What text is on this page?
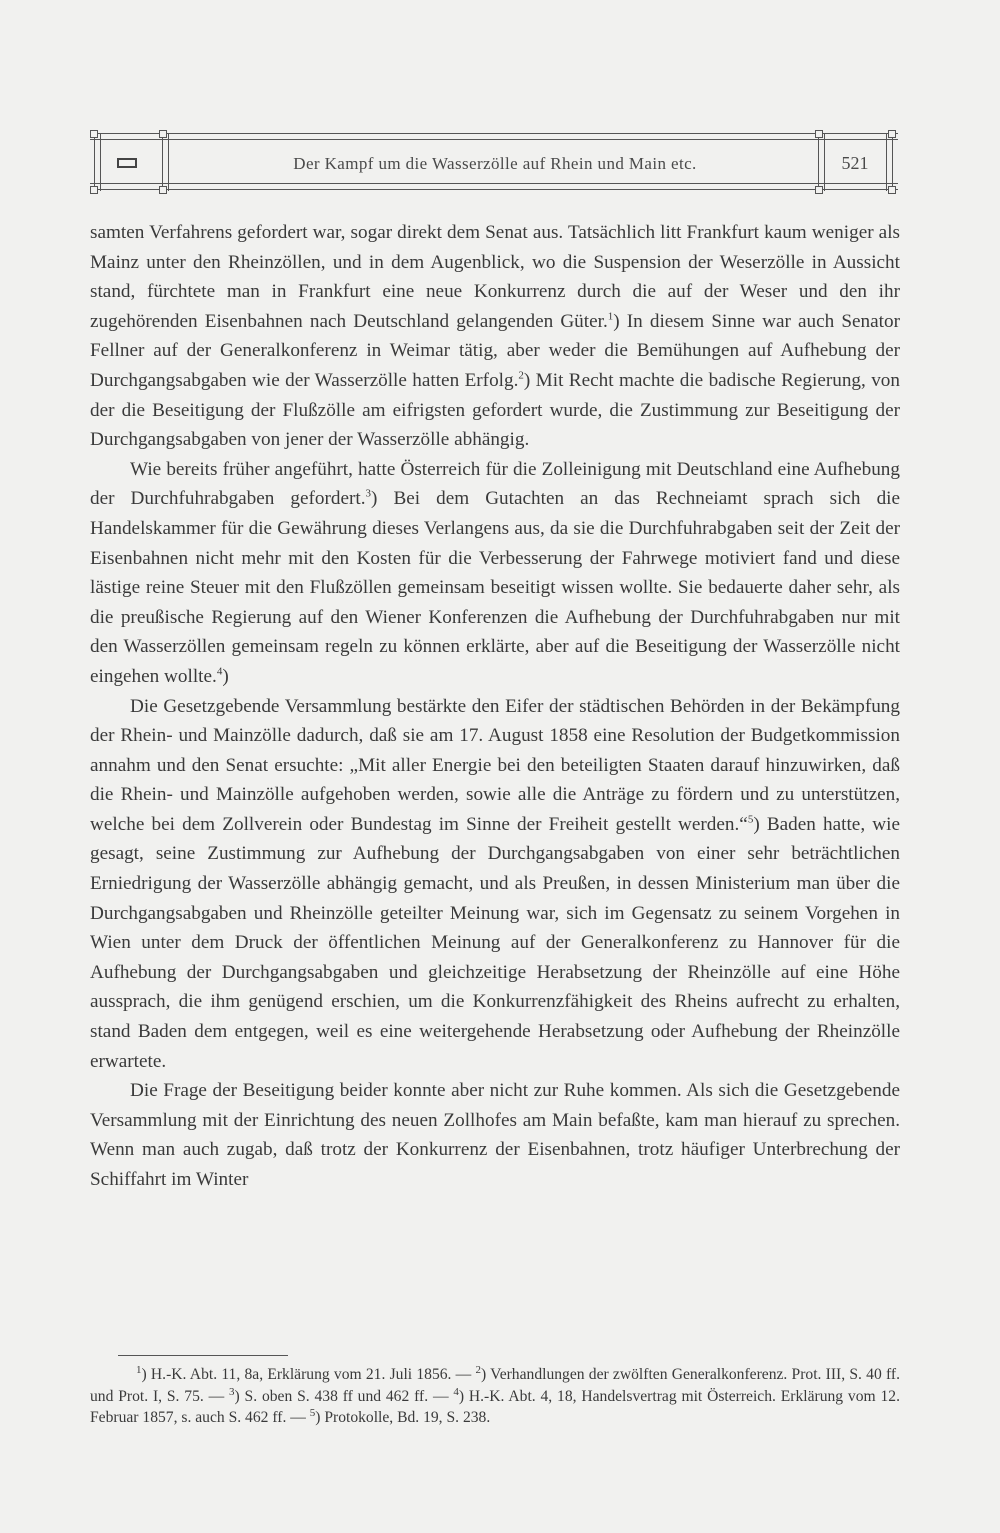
Der Kampf um die Wasserzölle auf Rhein und Main etc.	521

samten Verfahrens gefordert war, sogar direkt dem Senat aus. Tatsächlich litt Frankfurt kaum weniger als Mainz unter den Rheinzöllen, und in dem Augenblick, wo die Suspension der Weserzölle in Aussicht stand, fürchtete man in Frankfurt eine neue Konkurrenz durch die auf der Weser und den ihr zugehörenden Eisenbahnen nach Deutschland gelangenden Güter.$^1$) In diesem Sinne war auch Senator Fellner auf der Generalkonferenz in Weimar tätig, aber weder die Bemühungen auf Aufhebung der Durchgangsabgaben wie der Wasserzölle hatten Erfolg.$^2$) Mit Recht machte die badische Regierung, von der die Beseitigung der Flußzölle am eifrigsten gefordert wurde, die Zustimmung zur Beseitigung der Durchgangsabgaben von jener der Wasserzölle abhängig.

Wie bereits früher angeführt, hatte Österreich für die Zolleinigung mit Deutschland eine Aufhebung der Durchfuhrabgaben gefordert.$^3$) Bei dem Gutachten an das Rechneiamt sprach sich die Handelskammer für die Gewährung dieses Verlangens aus, da sie die Durchfuhrabgaben seit der Zeit der Eisenbahnen nicht mehr mit den Kosten für die Verbesserung der Fahrwege motiviert fand und diese lästige reine Steuer mit den Flußzöllen gemeinsam beseitigt wissen wollte. Sie bedauerte daher sehr, als die preußische Regierung auf den Wiener Konferenzen die Aufhebung der Durchfuhrabgaben nur mit den Wasserzöllen gemeinsam regeln zu können erklärte, aber auf die Beseitigung der Wasserzölle nicht eingehen wollte.$^4$)

Die Gesetzgebende Versammlung bestärkte den Eifer der städtischen Behörden in der Bekämpfung der Rhein- und Mainzölle dadurch, daß sie am 17. August 1858 eine Resolution der Budgetkommission annahm und den Senat ersuchte: „Mit aller Energie bei den beteiligten Staaten darauf hinzuwirken, daß die Rhein- und Mainzölle aufgehoben werden, sowie alle die Anträge zu fördern und zu unterstützen, welche bei dem Zollverein oder Bundestag im Sinne der Freiheit gestellt werden.“$^5$) Baden hatte, wie gesagt, seine Zustimmung zur Aufhebung der Durchgangsabgaben von einer sehr beträchtlichen Erniedrigung der Wasserzölle abhängig gemacht, und als Preußen, in dessen Ministerium man über die Durchgangsabgaben und Rheinzölle geteilter Meinung war, sich im Gegensatz zu seinem Vorgehen in Wien unter dem Druck der öffentlichen Meinung auf der Generalkonferenz zu Hannover für die Aufhebung der Durchgangsabgaben und gleichzeitige Herabsetzung der Rheinzölle auf eine Höhe aussprach, die ihm genügend erschien, um die Konkurrenzfähigkeit des Rheins aufrecht zu erhalten, stand Baden dem entgegen, weil es eine weitergehende Herabsetzung oder Aufhebung der Rheinzölle erwartete.

Die Frage der Beseitigung beider konnte aber nicht zur Ruhe kommen. Als sich die Gesetzgebende Versammlung mit der Einrichtung des neuen Zollhofes am Main befaßte, kam man hierauf zu sprechen. Wenn man auch zugab, daß trotz der Konkurrenz der Eisenbahnen, trotz häufiger Unterbrechung der Schiffahrt im Winter

$^1$) H.-K. Abt. 11, 8a, Erklärung vom 21. Juli 1856. — $^2$) Verhandlungen der zwölften Generalkonferenz. Prot. III, S. 40 ff. und Prot. I, S. 75. — $^3$) S. oben S. 438 ff und 462 ff. — $^4$) H.-K. Abt. 4, 18, Handelsvertrag mit Österreich. Erklärung vom 12. Februar 1857, s. auch S. 462 ff. — $^5$) Protokolle, Bd. 19, S. 238.
